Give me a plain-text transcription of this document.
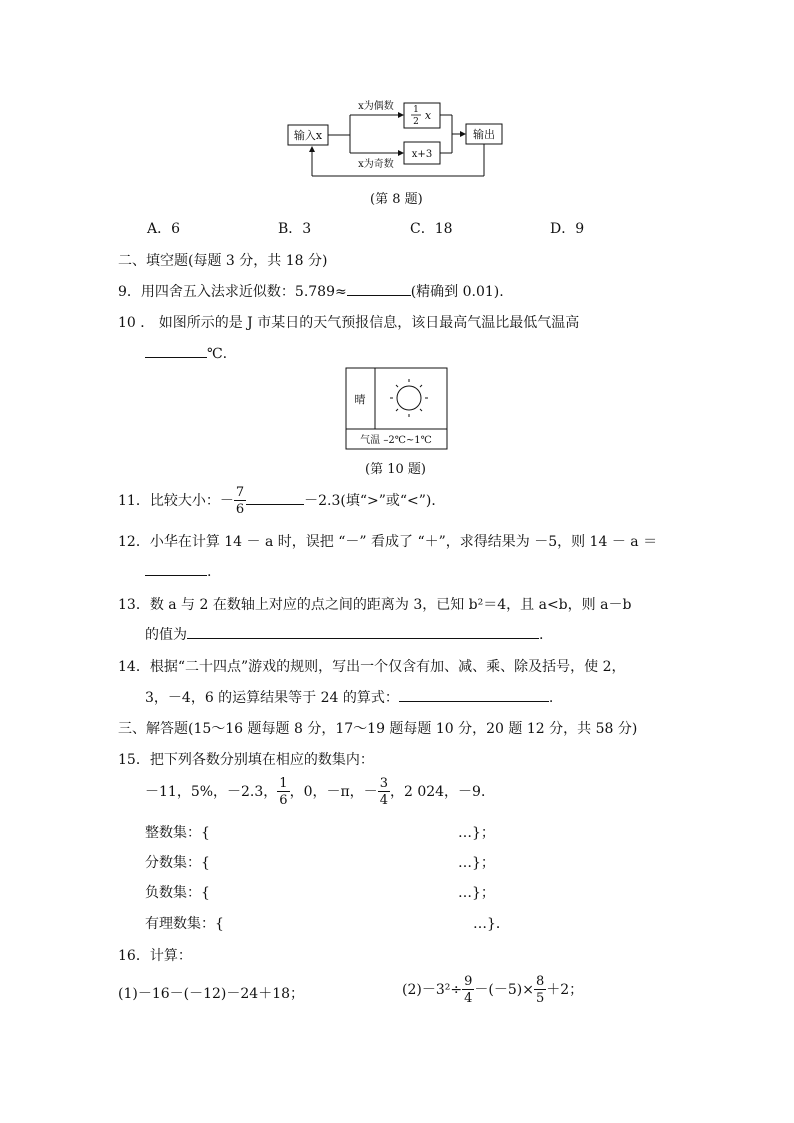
输入x
x为偶数
x为奇数
1
2 x
x+3
输出
(第 8 题)
A．6	B．3	C．18	D．9
二、填空题(每题 3 分，共 18 分)
9．用四舍五入法求近似数：5.789≈	(精确到 0.01).
10 ． 如图所示的是 J 市某日的天气预报信息，该日最高气温比最低气温高
℃.
晴
气温 –2℃~1℃
(第 10 题)
11．比较大小：－ $\frac{7}{6}$	－2.3(填“>”或“<”)．
12．小华在计算 14 － a 时，误把 “－” 看成了 “＋”，求得结果为 －5，则 14 － a ＝
.
13．数 a 与 2 在数轴上对应的点之间的距离为 3，已知 b²＝4，且 a<b，则 a－b
的值为	.
14．根据“二十四点”游戏的规则，写出一个仅含有加、减、乘、除及括号，使 2，
3，－4，6 的运算结果等于 24 的算式：	.
三、解答题(15～16 题每题 8 分，17～19 题每题 10 分，20 题 12 分，共 58 分)
15．把下列各数分别填在相应的数集内：
－11，5%，－2.3， $\frac{1}{6}$ ，0，－π，－ $\frac{3}{4}$ ，2 024，－9．
整数集：{	…}；
分数集：{	…}；
负数集：{	…}；
有理数集：{	…}．
16．计算：
(1)－16－(－12)－24＋18；	$(2)-3^2\div \frac{9}{4} -(-5)\times \frac{8}{5} +2$；
